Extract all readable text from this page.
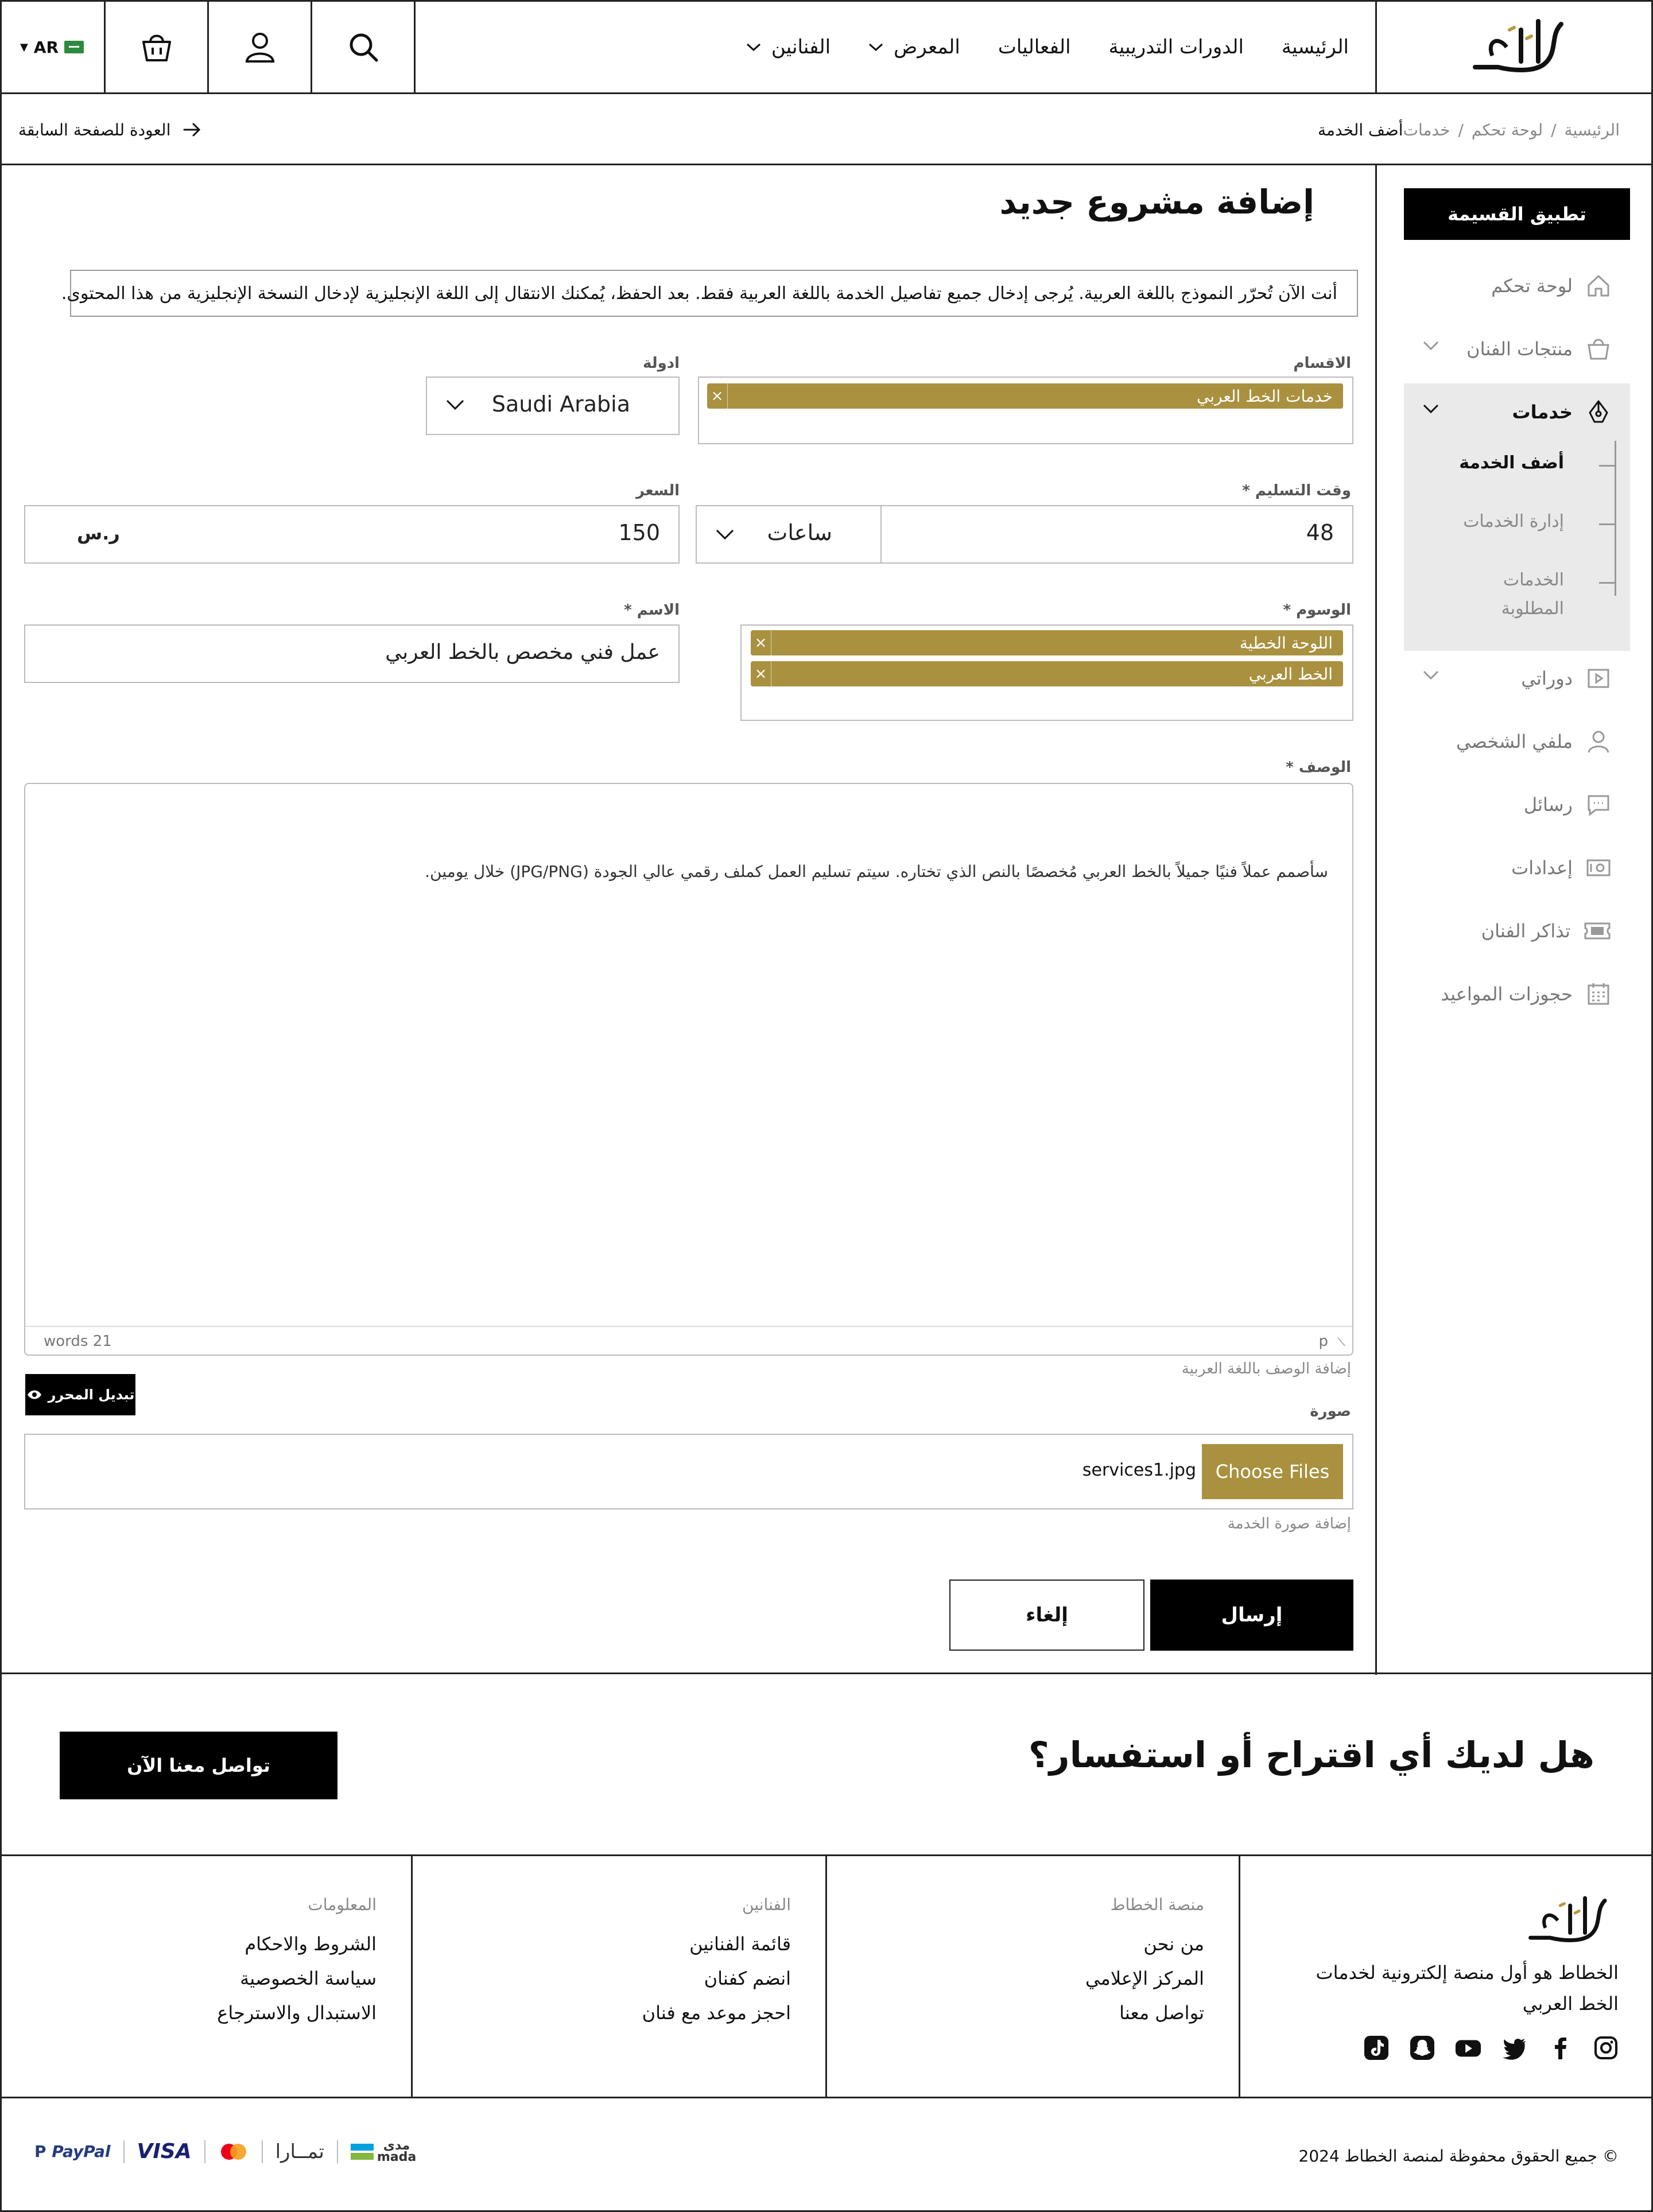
الرئيسية
الدورات التدريبية
الفعاليات
المعرض
الفنانين
▼ AR
الرئيسية
/
لوحة تحكم
/
خدمات
أضف الخدمة
العودة للصفحة السابقة
تطبيق القسيمة
لوحة تحكم
منتجات الفنان
خدمات
أضف الخدمة
إدارة الخدمات
الخدمات المطلوبة
دوراتي
ملفي الشخصي
رسائل
إعدادات
تذاكر الفنان
حجوزات المواعيد
إضافة مشروع جديد
أنت الآن تُحرّر النموذج باللغة العربية. يُرجى إدخال جميع تفاصيل الخدمة باللغة العربية فقط. بعد الحفظ، يُمكنك الانتقال إلى اللغة الإنجليزية لإدخال النسخة الإنجليزية من هذا المحتوى.
الاقسام
خدمات الخط العربي
×
ادولة
Saudi Arabia
وقت التسليم *
48
ساعات
السعر
150
ر.س
الوسوم *
اللوحة الخطية
×
الخط العربي
×
الاسم *
عمل فني مخصص بالخط العربي
الوصف *
سأصمم عملاً فنيًا جميلاً بالخط العربي مُخصصًا بالنص الذي تختاره. سيتم تسليم العمل كملف رقمي عالي الجودة (JPG/PNG) خلال يومين.
p ⟋
21 words
إضافة الوصف باللغة العربية
تبديل المحرر
صورة
Choose Files
services1.jpg
إضافة صورة الخدمة
إرسال
إلغاء
هل لديك أي اقتراح أو استفسار؟
تواصل معنا الآن

الخطاط هو أول منصة إلكترونية لخدمات الخط العربي

منصة الخطاط
من نحن
المركز الإعلامي
تواصل معنا
الفنانين
قائمة الفنانين
انضم كفنان
احجز موعد مع فنان
المعلومات
الشروط والاحكام
سياسة الخصوصية
الاستبدال والاسترجاع
© جميع الحقوق محفوظة لمنصة الخطاط 2024
P PayPal VISA	تمــارا	مدى
mada
